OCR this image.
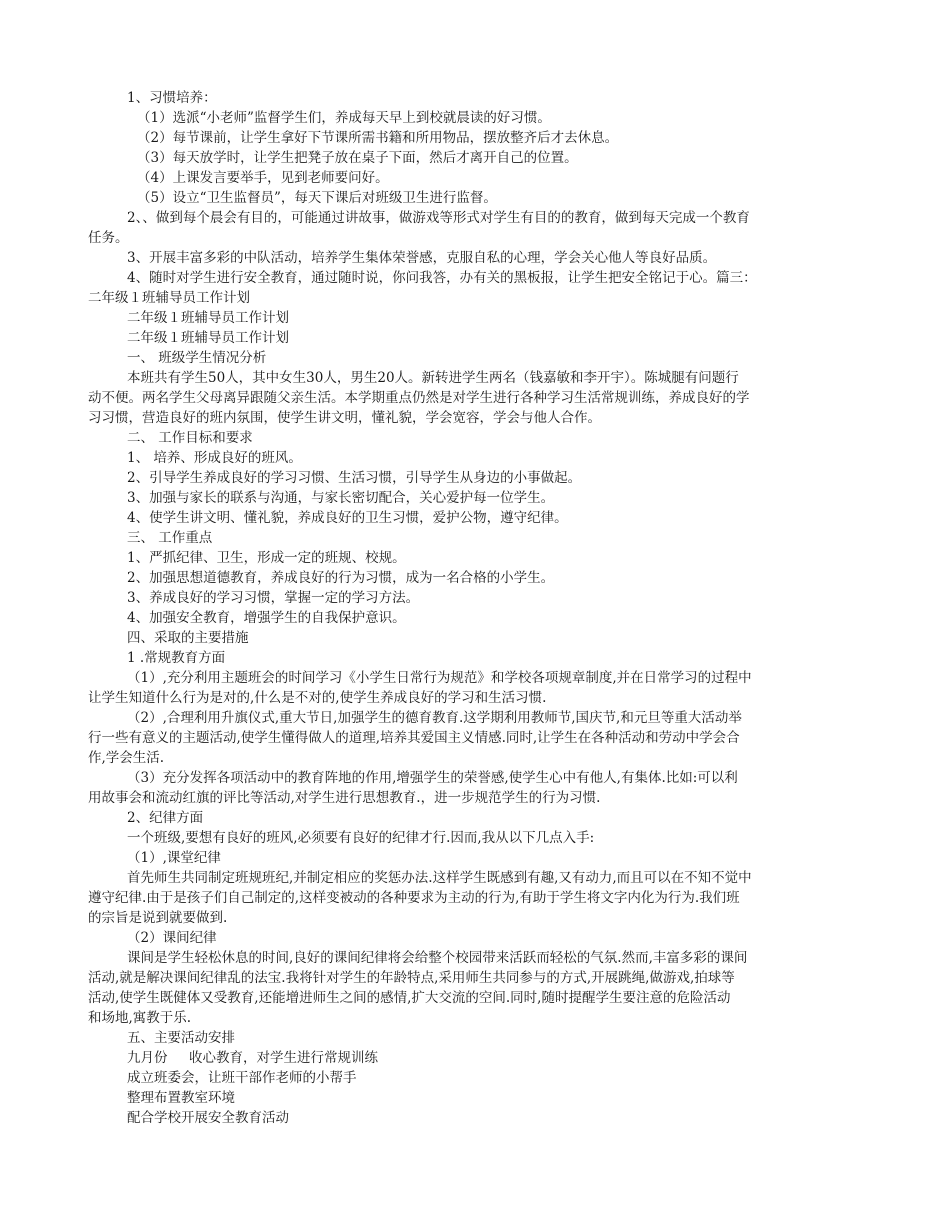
1、习惯培养：
（1）选派“小老师”监督学生们，养成每天早上到校就晨读的好习惯。
（2）每节课前，让学生拿好下节课所需书籍和所用物品，摆放整齐后才去休息。
（3）每天放学时，让学生把凳子放在桌子下面，然后才离开自己的位置。
（4）上课发言要举手，见到老师要问好。
（5）设立“卫生监督员”，每天下课后对班级卫生进行监督。
2、、做到每个晨会有目的，可能通过讲故事，做游戏等形式对学生有目的的教育，做到每天完成一个教育
任务。
3、开展丰富多彩的中队活动，培养学生集体荣誉感，克服自私的心理，学会关心他人等良好品质。
4、随时对学生进行安全教育，通过随时说，你问我答，办有关的黑板报，让学生把安全铭记于心。篇三：
二年级１班辅导员工作计划
二年级１班辅导员工作计划
二年级１班辅导员工作计划
一、 班级学生情况分析
本班共有学生50人，其中女生30人，男生20人。新转进学生两名（钱嘉敏和李开宇）。陈城腿有问题行
动不便。两名学生父母离异跟随父亲生活。本学期重点仍然是对学生进行各种学习生活常规训练，养成良好的学
习习惯，营造良好的班内氛围，使学生讲文明，懂礼貌，学会宽容，学会与他人合作。
二、 工作目标和要求
1、 培养、形成良好的班风。
2、引导学生养成良好的学习习惯、生活习惯，引导学生从身边的小事做起。
3、加强与家长的联系与沟通，与家长密切配合，关心爱护每一位学生。
4、使学生讲文明、懂礼貌，养成良好的卫生习惯，爱护公物，遵守纪律。
三、 工作重点
1、严抓纪律、卫生，形成一定的班规、校规。
2、加强思想道德教育，养成良好的行为习惯，成为一名合格的小学生。
3、养成良好的学习习惯，掌握一定的学习方法。
4、加强安全教育，增强学生的自我保护意识。
四、采取的主要措施
1 .常规教育方面
（1）,充分利用主题班会的时间学习《小学生日常行为规范》和学校各项规章制度,并在日常学习的过程中
让学生知道什么行为是对的,什么是不对的,使学生养成良好的学习和生活习惯.
（2）,合理利用升旗仪式,重大节日,加强学生的德育教育.这学期利用教师节,国庆节,和元旦等重大活动举
行一些有意义的主题活动,使学生懂得做人的道理,培养其爱国主义情感.同时,让学生在各种活动和劳动中学会合
作,学会生活.
（3）充分发挥各项活动中的教育阵地的作用,增强学生的荣誉感,使学生心中有他人,有集体.比如:可以利
用故事会和流动红旗的评比等活动,对学生进行思想教育.，进一步规范学生的行为习惯.
2、纪律方面
一个班级,要想有良好的班风,必须要有良好的纪律才行.因而,我从以下几点入手:
（1）,课堂纪律
首先师生共同制定班规班纪,并制定相应的奖惩办法.这样学生既感到有趣,又有动力,而且可以在不知不觉中
遵守纪律.由于是孩子们自己制定的,这样变被动的各种要求为主动的行为,有助于学生将文字内化为行为.我们班
的宗旨是说到就要做到.
（2）课间纪律
课间是学生轻松休息的时间,良好的课间纪律将会给整个校园带来活跃而轻松的气氛.然而,丰富多彩的课间
活动,就是解决课间纪律乱的法宝.我将针对学生的年龄特点,采用师生共同参与的方式,开展跳绳,做游戏,拍球等
活动,使学生既健体又受教育,还能增进师生之间的感情,扩大交流的空间.同时,随时提醒学生要注意的危险活动
和场地,寓教于乐.
五、主要活动安排
九月份     收心教育，对学生进行常规训练
成立班委会，让班干部作老师的小帮手
整理布置教室环境
配合学校开展安全教育活动
